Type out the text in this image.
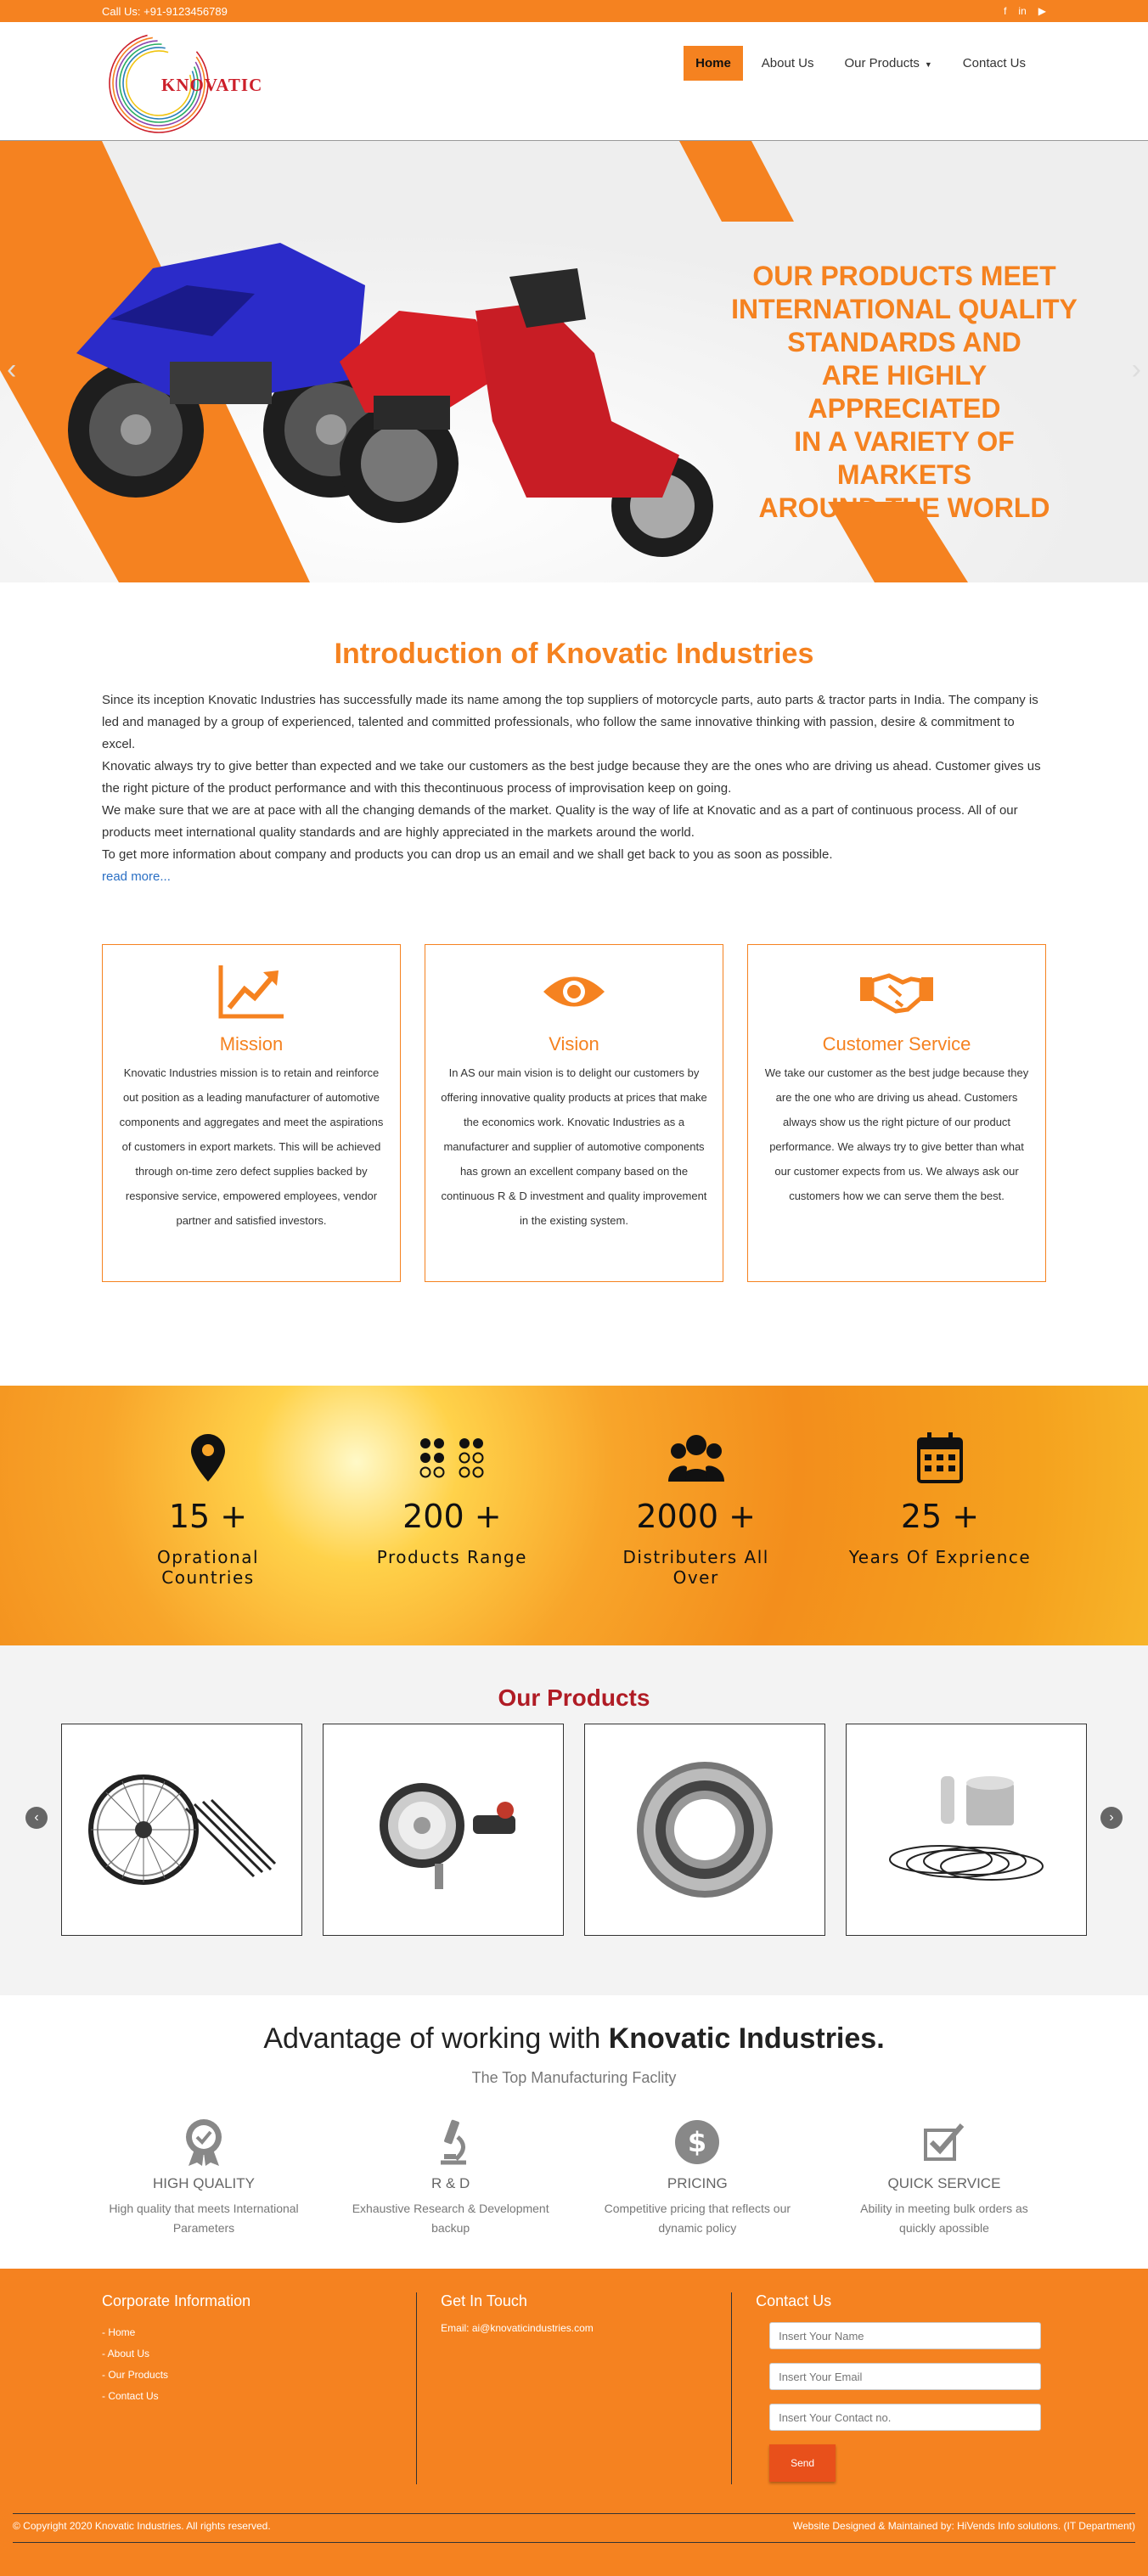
Call Us: +91-9123456789	f in ▶
KNOVATIC
Home	About Us	Our Products ▼	Contact Us
OUR PRODUCTS MEET
INTERNATIONAL QUALITY
STANDARDS AND
ARE HIGHLY APPRECIATED
IN A VARIETY OF MARKETS
AROUND THE WORLD
‹	›
Introduction of Knovatic Industries

Since its inception Knovatic Industries has successfully made its name among the top suppliers of motorcycle parts, auto parts & tractor parts in India. The company is led and managed by a group of experienced, talented and committed professionals, who follow the same innovative thinking with passion, desire & commitment to excel.

Knovatic always try to give better than expected and we take our customers as the best judge because they are the ones who are driving us ahead. Customer gives us the right picture of the product performance and with this thecontinuous process of improvisation keep on going.

We make sure that we are at pace with all the changing demands of the market. Quality is the way of life at Knovatic and as a part of continuous process. All of our products meet international quality standards and are highly appreciated in the markets around the world.

To get more information about company and products you can drop us an email and we shall get back to you as soon as possible.

read more...
Mission

Knovatic Industries mission is to retain and reinforce out position as a leading manufacturer of automotive components and aggregates and meet the aspirations of customers in export markets. This will be achieved through on-time zero defect supplies backed by responsive service, empowered employees, vendor partner and satisfied investors.

Vision

In AS our main vision is to delight our customers by offering innovative quality products at prices that make the economics work. Knovatic Industries as a manufacturer and supplier of automotive components has grown an excellent company based on the continuous R & D investment and quality improvement in the existing system.

Customer Service

We take our customer as the best judge because they are the one who are driving us ahead. Customers always show us the right picture of our product performance. We always try to give better than what our customer expects from us. We always ask our customers how we can serve them the best.

15 +
Oprational Countries
200 +
Products Range
2000 +
Distributers All Over
25 +
Years Of Exprience
Our Products
‹	›
Advantage of working with Knovatic Industries.
The Top Manufacturing Faclity
HIGH QUALITY

High quality that meets International Parameters

R & D

Exhaustive Research & Development backup

$
PRICING

Competitive pricing that reflects our dynamic policy

QUICK SERVICE

Ability in meeting bulk orders as quickly apossible

Corporate Information
- Home
- About Us
- Our Products
- Contact Us
Get In Touch
Email: ai@knovaticindustries.com
Contact Us
Insert Your Name
Insert Your Email
Insert Your Contact no. Send
© Copyright 2020 Knovatic Industries. All rights reserved.	Website Designed & Maintained by: HiVends Info solutions. (IT Department)
